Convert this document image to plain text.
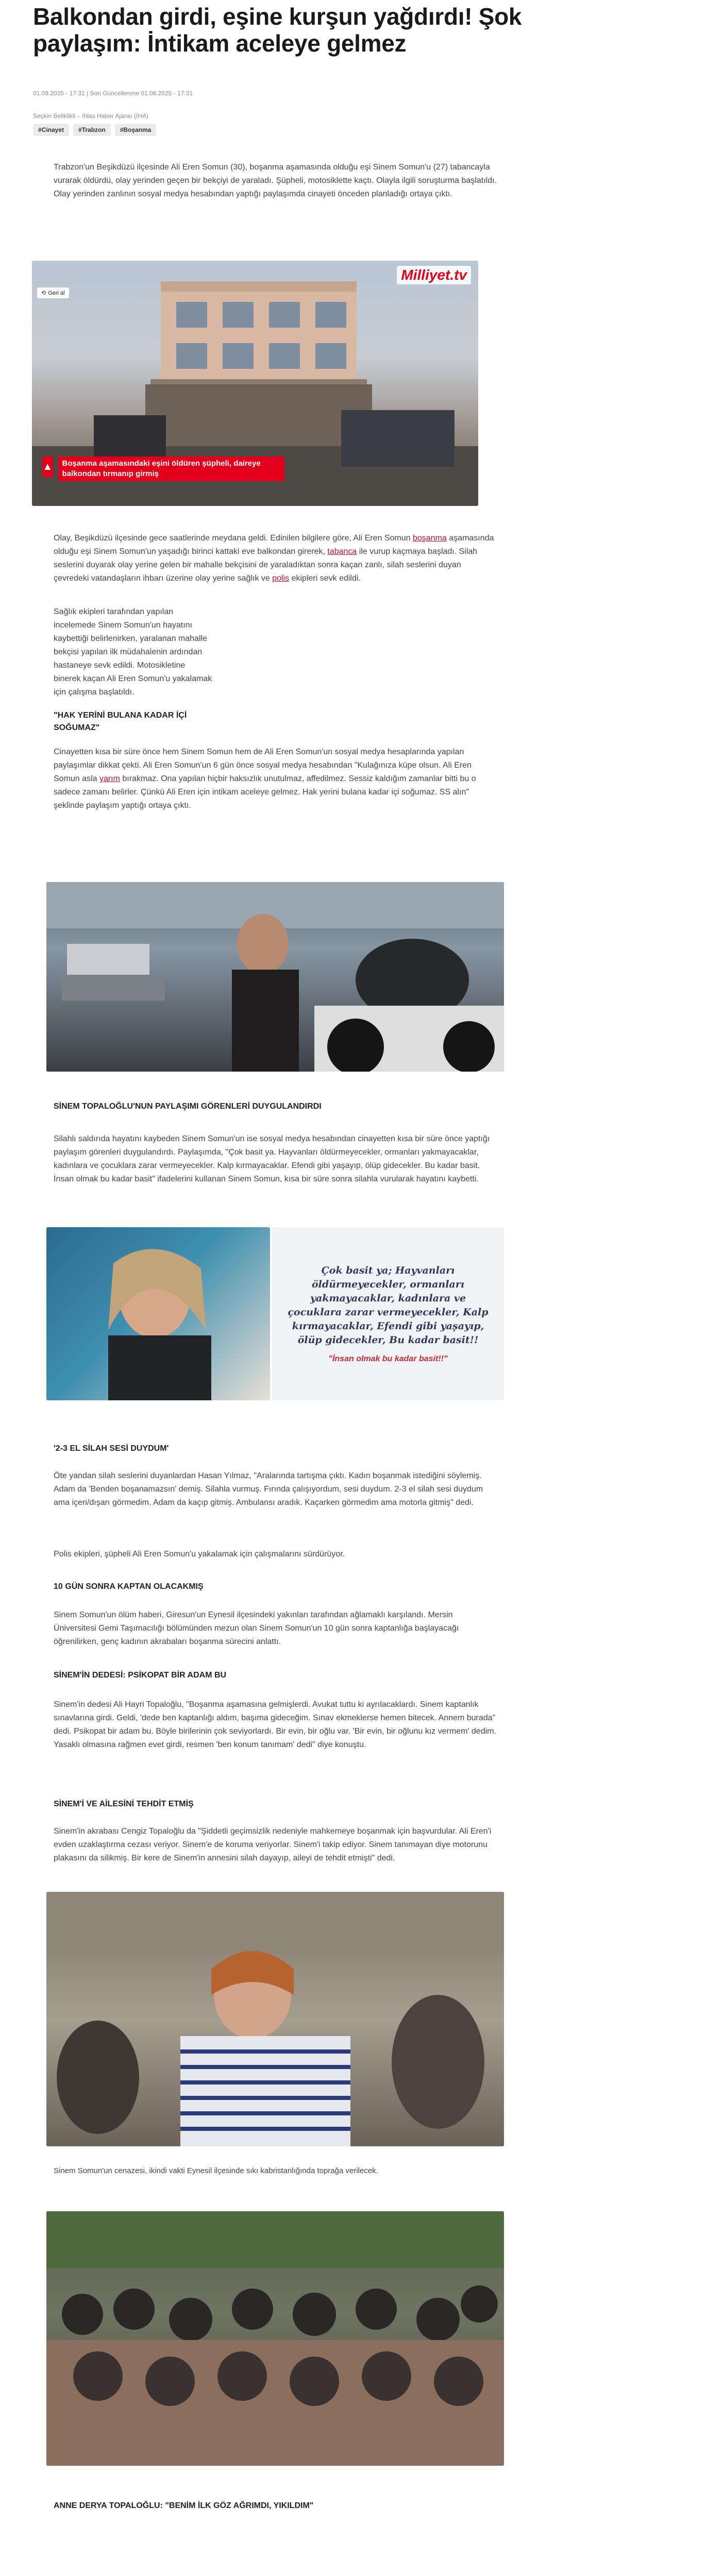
Balkondan girdi, eşine kurşun yağdırdı! Şok paylaşım: İntikam aceleye gelmez
01.08.2025 - 17:31 | Son Güncellenme 01.08.2025 - 17:31
Seçkin Beliklikli – İhlas Haber Ajansı (İHA)
#Cinayet	#Trabzon	#Boşanma

Trabzon'un Beşikdüzü ilçesinde Ali Eren Somun (30), boşanma aşamasında olduğu eşi Sinem Somun'u (27) tabancayla vurarak öldürdü, olay yerinden geçen bir bekçiyi de yaraladı. Şüpheli, motosiklette kaçtı. Olayla ilgili soruşturma başlatıldı. Olay yerinden zanlının sosyal medya hesabından yaptığı paylaşımda cinayeti önceden planladığı ortaya çıktı.

⟲ Geri al
Milliyet.tv
▲	Boşanma aşamasındaki eşini öldüren şüpheli, daireye balkondan tırmanıp girmiş

Olay, Beşikdüzü ilçesinde gece saatlerinde meydana geldi. Edinilen bilgilere göre, Ali Eren Somun boşanma aşamasında olduğu eşi Sinem Somun'un yaşadığı birinci kattaki eve balkondan girerek, tabanca ile vurup kaçmaya başladı. Silah seslerini duyarak olay yerine gelen bir mahalle bekçisini de yaraladıktan sonra kaçan zanlı, silah seslerini duyan çevredeki vatandaşların ihbarı üzerine olay yerine sağlık ve polis ekipleri sevk edildi.

Sağlık ekipleri tarafından yapılan incelemede Sinem Somun'un hayatını kaybettiği belirlenirken, yaralanan mahalle bekçisi yapılan ilk müdahalenin ardından hastaneye sevk edildi. Motosikletine binerek kaçan Ali Eren Somun'u yakalamak için çalışma başlatıldı.

"HAK YERİNİ BULANA KADAR İÇİ SOĞUMAZ"

Cinayetten kısa bir süre önce hem Sinem Somun hem de Ali Eren Somun'un sosyal medya hesaplarında yapılan paylaşımlar dikkat çekti. Ali Eren Somun'un 6 gün önce sosyal medya hesabından "Kulağınıza küpe olsun. Ali Eren Somun asla yarım bırakmaz. Ona yapılan hiçbir haksızlık unutulmaz, affedilmez. Sessiz kaldığım zamanlar bitti bu o sadece zamanı belirler. Çünkü Ali Eren için intikam aceleye gelmez. Hak yerini bulana kadar içi soğumaz. SS alın" şeklinde paylaşım yaptığı ortaya çıktı.

SİNEM TOPALOĞLU'NUN PAYLAŞIMI GÖRENLERİ DUYGULANDIRDI

Silahlı saldırıda hayatını kaybeden Sinem Somun'un ise sosyal medya hesabından cinayetten kısa bir süre önce yaptığı paylaşım görenleri duygulandırdı. Paylaşımda, "Çok basit ya. Hayvanları öldürmeyecekler, ormanları yakmayacaklar, kadınlara ve çocuklara zarar vermeyecekler. Kalp kırmayacaklar. Efendi gibi yaşayıp, ölüp gidecekler. Bu kadar basit. İnsan olmak bu kadar basit" ifadelerini kullanan Sinem Somun, kısa bir süre sonra silahla vurularak hayatını kaybetti.

Çok basit ya; Hayvanları öldürmeyecekler, ormanları yakmayacaklar, kadınlara ve çocuklara zarar vermeyecekler, Kalp kırmayacaklar, Efendi gibi yaşayıp, ölüp gidecekler, Bu kadar basit!!
"İnsan olmak bu kadar basit!!"
'2-3 EL SİLAH SESİ DUYDUM'

Öte yandan silah seslerini duyanlardan Hasan Yılmaz, "Aralarında tartışma çıktı. Kadın boşanmak istediğini söylemiş. Adam da 'Benden boşanamazsın' demiş. Silahla vurmuş. Fırında çalışıyordum, sesi duydum. 2-3 el silah sesi duydum ama içeri/dışarı görmedim. Adam da kaçıp gitmiş. Ambulansı aradık. Kaçarken görmedim ama motorla gitmiş" dedi.

Polis ekipleri, şüpheli Ali Eren Somun'u yakalamak için çalışmalarını sürdürüyor.

10 GÜN SONRA KAPTAN OLACAKMIŞ

Sinem Somun'un ölüm haberi, Giresun'un Eynesil ilçesindeki yakınları tarafından ağlamaklı karşılandı. Mersin Üniversitesi Gemi Taşımacılığı bölümünden mezun olan Sinem Somun'un 10 gün sonra kaptanlığa başlayacağı öğrenilirken, genç kadının akrabaları boşanma sürecini anlattı.

SİNEM'İN DEDESİ: PSİKOPAT BİR ADAM BU

Sinem'in dedesi Ali Hayri Topaloğlu, "Boşanma aşamasına gelmişlerdi. Avukat tuttu ki ayrılacaklardı. Sinem kaptanlık sınavlarına girdi. Geldi, 'dede ben kaptanlığı aldım, başıma gideceğim. Sınav ekmeklerse hemen bitecek. Annem burada" dedi. Psikopat bir adam bu. Böyle birilerinin çok seviyorlardı. Bir evin, bir oğlu var. 'Bir evin, bir oğlunu kız vermem' dedim. Yasaklı olmasına rağmen evet girdi, resmen 'ben konum tanımam' dedi" diye konuştu.

SİNEM'İ VE AİLESİNİ TEHDİT ETMİŞ

Sinem'in akrabası Cengiz Topaloğlu da "Şiddetli geçimsizlik nedeniyle mahkemeye boşanmak için başvurdular. Ali Eren'i evden uzaklaştırma cezası veriyor. Sinem'e de koruma veriyorlar. Sinem'i takip ediyor. Sinem tanımayan diye motorunu plakasını da silikmiş. Bir kere de Sinem'in annesini silah dayayıp, aileyi de tehdit etmişti" dedi.

Sinem Somun'un cenazesi, ikindi vakti Eynesil ilçesinde sıkı kabristanlığında toprağa verilecek.

ANNE DERYA TOPALOĞLU: "BENİM İLK GÖZ AĞRIMDI, YIKILDIM"
